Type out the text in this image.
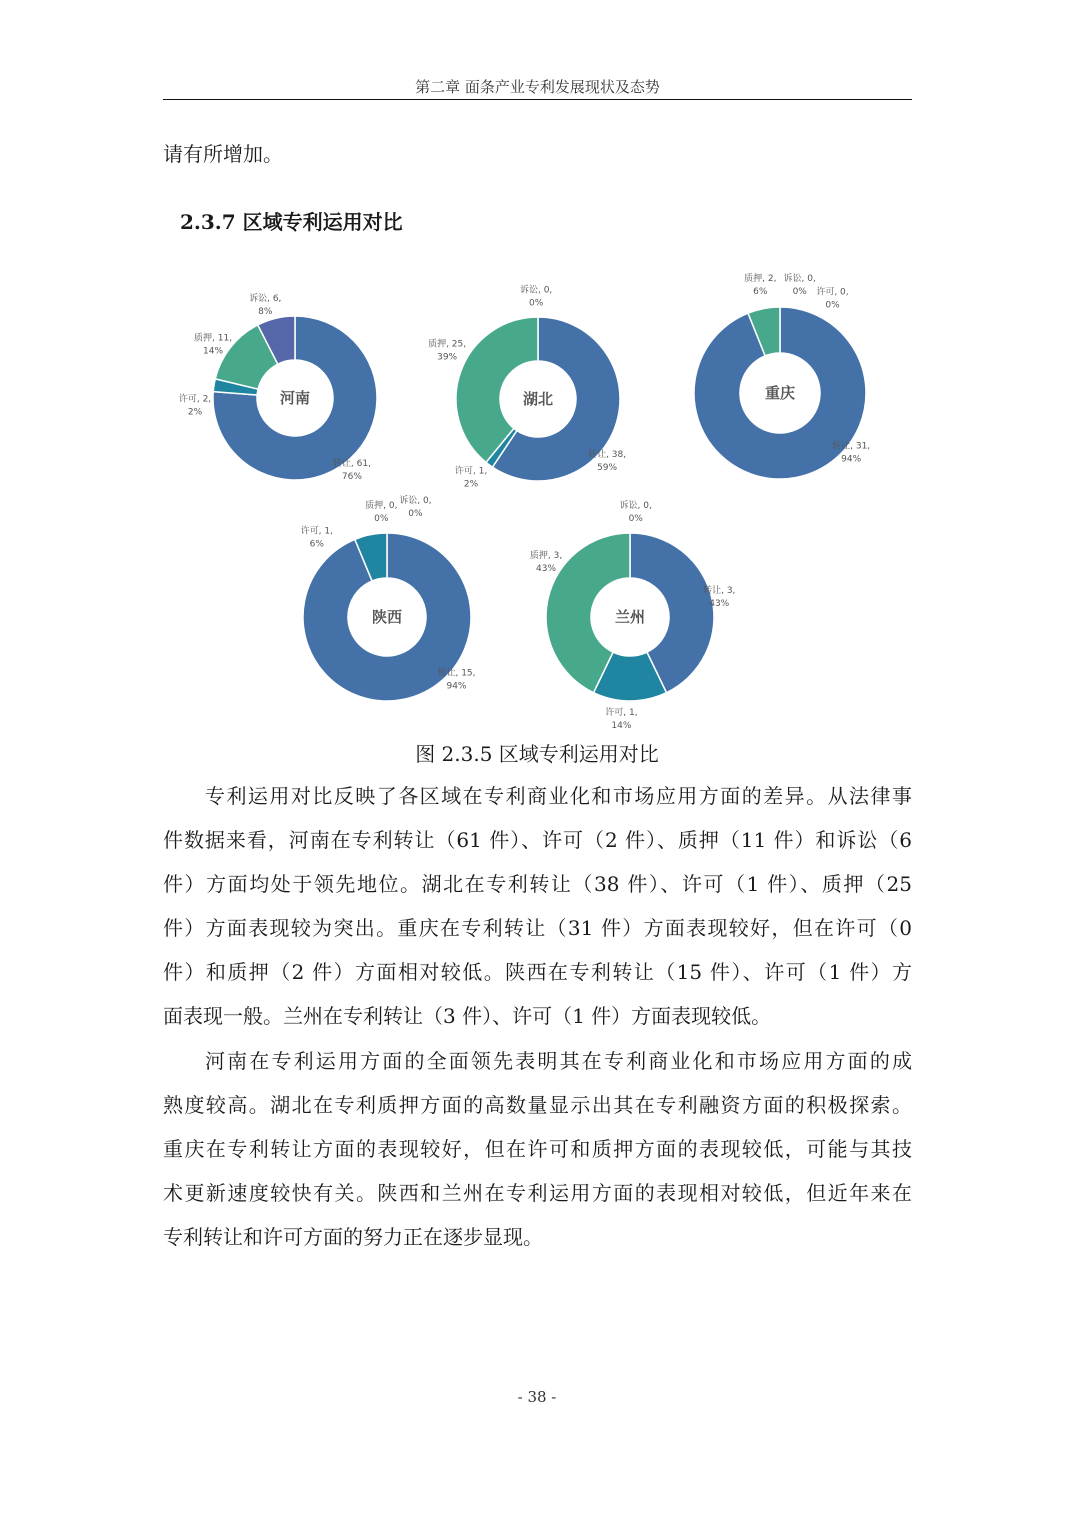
第二章 面条产业专利发展现状及态势
请有所增加。
2.3.7 区域专利运用对比
转让, 61, 76%
许可, 2, 2%
质押, 11, 14%
诉讼, 6, 8%
河南
转让, 38, 59%
许可, 1, 2%
质押, 25, 39%
诉讼, 0, 0%
湖北
转让, 31, 94%
许可, 0, 0%
质押, 2, 6%
诉讼, 0, 0%
重庆
转让, 15, 94%
许可, 1, 6%
质押, 0, 0%
诉讼, 0, 0%
陕西
转让, 3, 43%
许可, 1, 14%
质押, 3, 43%
诉讼, 0, 0%
兰州
图 2.3.5 区域专利运用对比
专利运用对比反映了各区域在专利商业化和市场应用方面的差异。从法律事
件数据来看，河南在专利转让（61 件）、许可（2 件）、质押（11 件）和诉讼（6
件）方面均处于领先地位。湖北在专利转让（38 件）、许可（1 件）、质押（25
件）方面表现较为突出。重庆在专利转让（31 件）方面表现较好，但在许可（0
件）和质押（2 件）方面相对较低。陕西在专利转让（15 件）、许可（1 件）方
面表现一般。兰州在专利转让（3 件）、许可（1 件）方面表现较低。
河南在专利运用方面的全面领先表明其在专利商业化和市场应用方面的成
熟度较高。湖北在专利质押方面的高数量显示出其在专利融资方面的积极探索。
重庆在专利转让方面的表现较好，但在许可和质押方面的表现较低，可能与其技
术更新速度较快有关。陕西和兰州在专利运用方面的表现相对较低，但近年来在
专利转让和许可方面的努力正在逐步显现。
- 38 -
